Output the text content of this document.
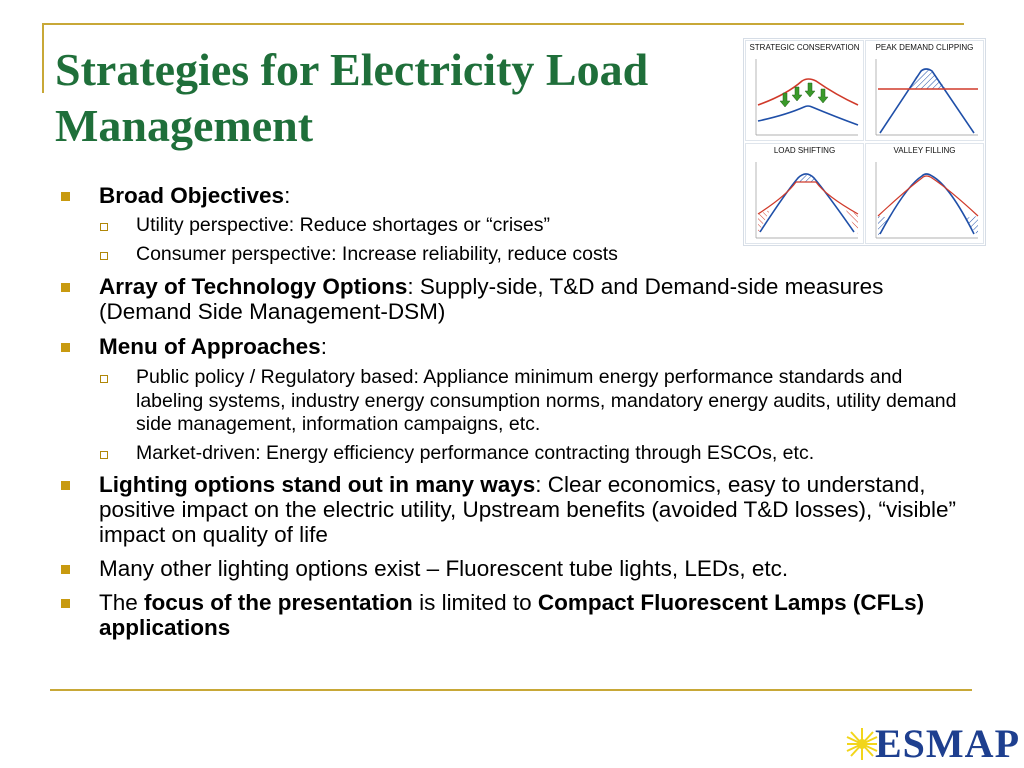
Strategies for Electricity Load
Management
STRATEGIC CONSERVATION	PEAK DEMAND CLIPPING
LOAD SHIFTING	VALLEY FILLING

Broad Objectives:

Utility perspective: Reduce shortages or “crises”

Consumer perspective: Increase reliability, reduce costs

Array of Technology Options: Supply-side, T&D and Demand-side measures (Demand Side Management-DSM)

Menu of Approaches:

Public policy / Regulatory based: Appliance minimum energy performance standards and labeling systems, industry energy consumption norms, mandatory energy audits, utility demand side management, information campaigns, etc.

Market-driven: Energy efficiency performance contracting through ESCOs, etc.

Lighting options stand out in many ways: Clear economics, easy to understand, positive impact on the electric utility, Upstream benefits (avoided T&D losses), “visible” impact on quality of life

Many other lighting options exist – Fluorescent tube lights, LEDs, etc.

The focus of the presentation is limited to Compact Fluorescent Lamps (CFLs) applications

ESMAP
